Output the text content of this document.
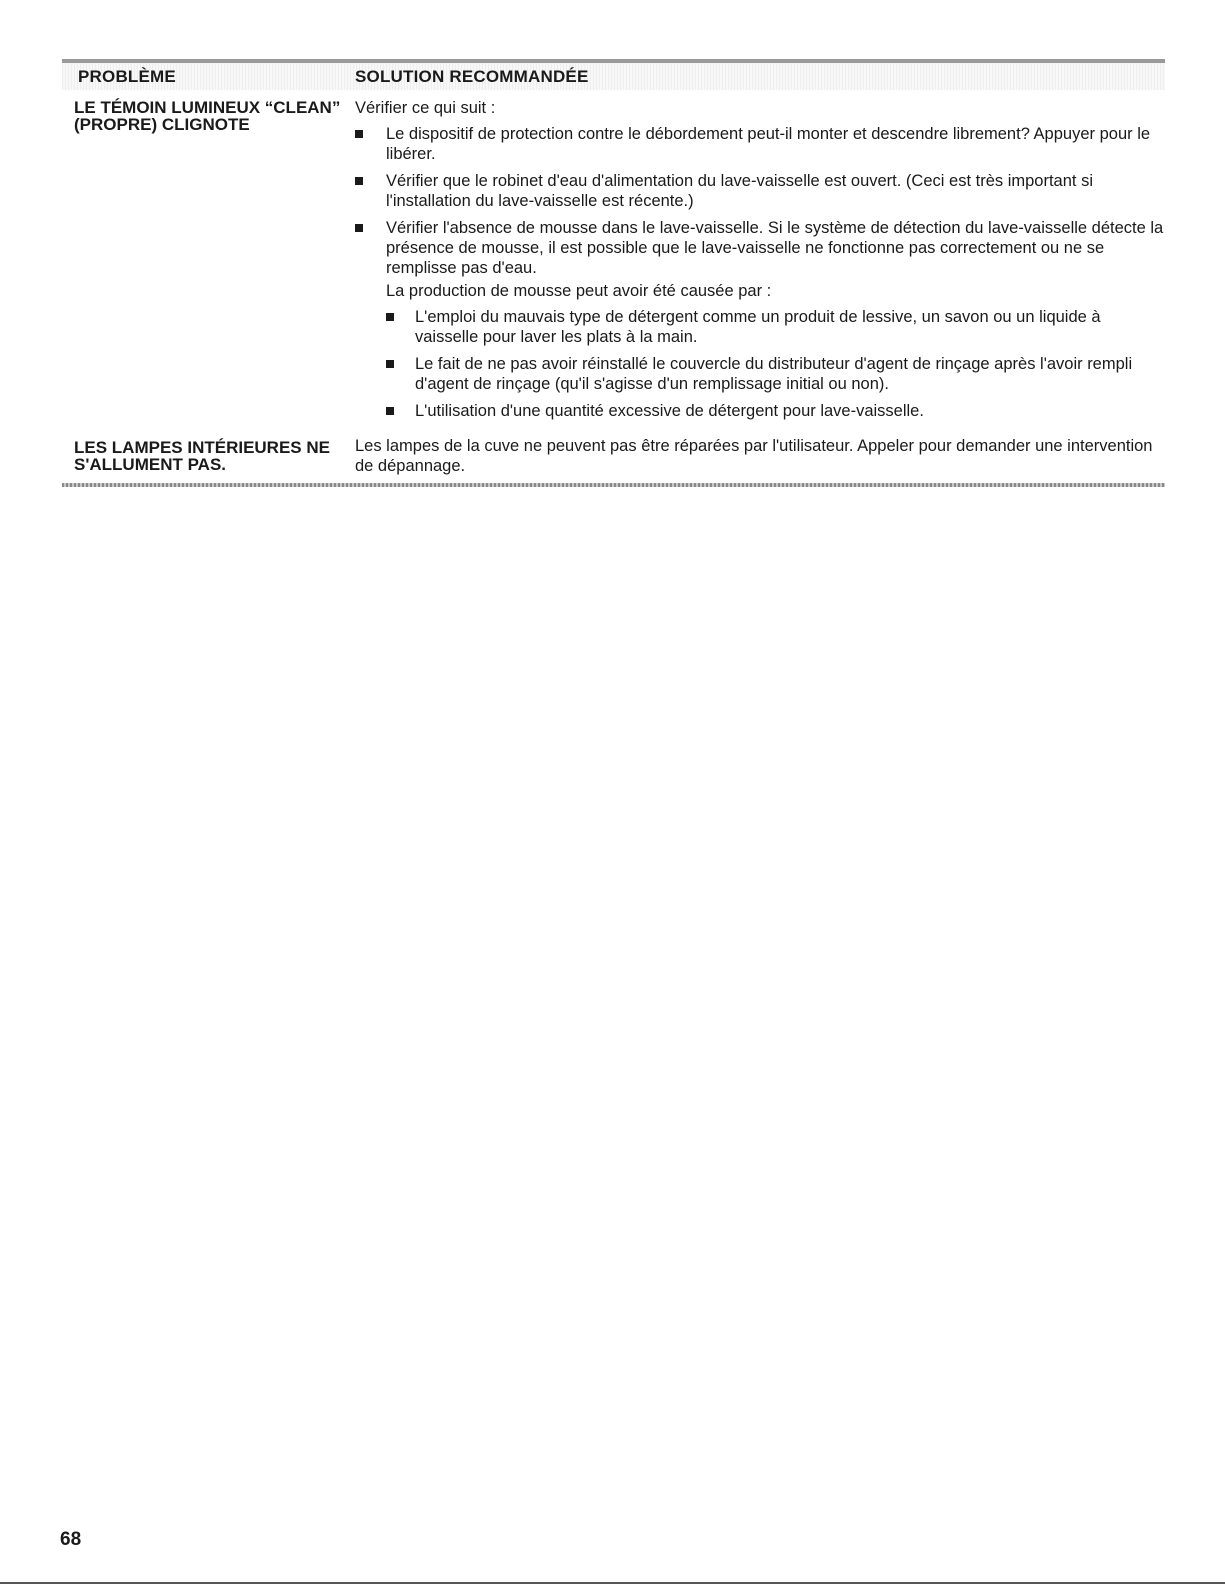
PROBLÈME	SOLUTION RECOMMANDÉE
LE TÉMOIN LUMINEUX “CLEAN” (PROPRE) CLIGNOTE
Vérifier ce qui suit :
Le dispositif de protection contre le débordement peut-il monter et descendre librement? Appuyer pour le libérer.
Vérifier que le robinet d'eau d'alimentation du lave-vaisselle est ouvert. (Ceci est très important si l'installation du lave-vaisselle est récente.)
Vérifier l'absence de mousse dans le lave-vaisselle. Si le système de détection du lave-vaisselle détecte la présence de mousse, il est possible que le lave-vaisselle ne fonctionne pas correctement ou ne se remplisse pas d'eau.
La production de mousse peut avoir été causée par :
L'emploi du mauvais type de détergent comme un produit de lessive, un savon ou un liquide à vaisselle pour laver les plats à la main.
Le fait de ne pas avoir réinstallé le couvercle du distributeur d'agent de rinçage après l'avoir rempli d'agent de rinçage (qu'il s'agisse d'un remplissage initial ou non).
L'utilisation d'une quantité excessive de détergent pour lave-vaisselle.
LES LAMPES INTÉRIEURES NE S'ALLUMENT PAS.
Les lampes de la cuve ne peuvent pas être réparées par l'utilisateur. Appeler pour demander une intervention de dépannage.
68
